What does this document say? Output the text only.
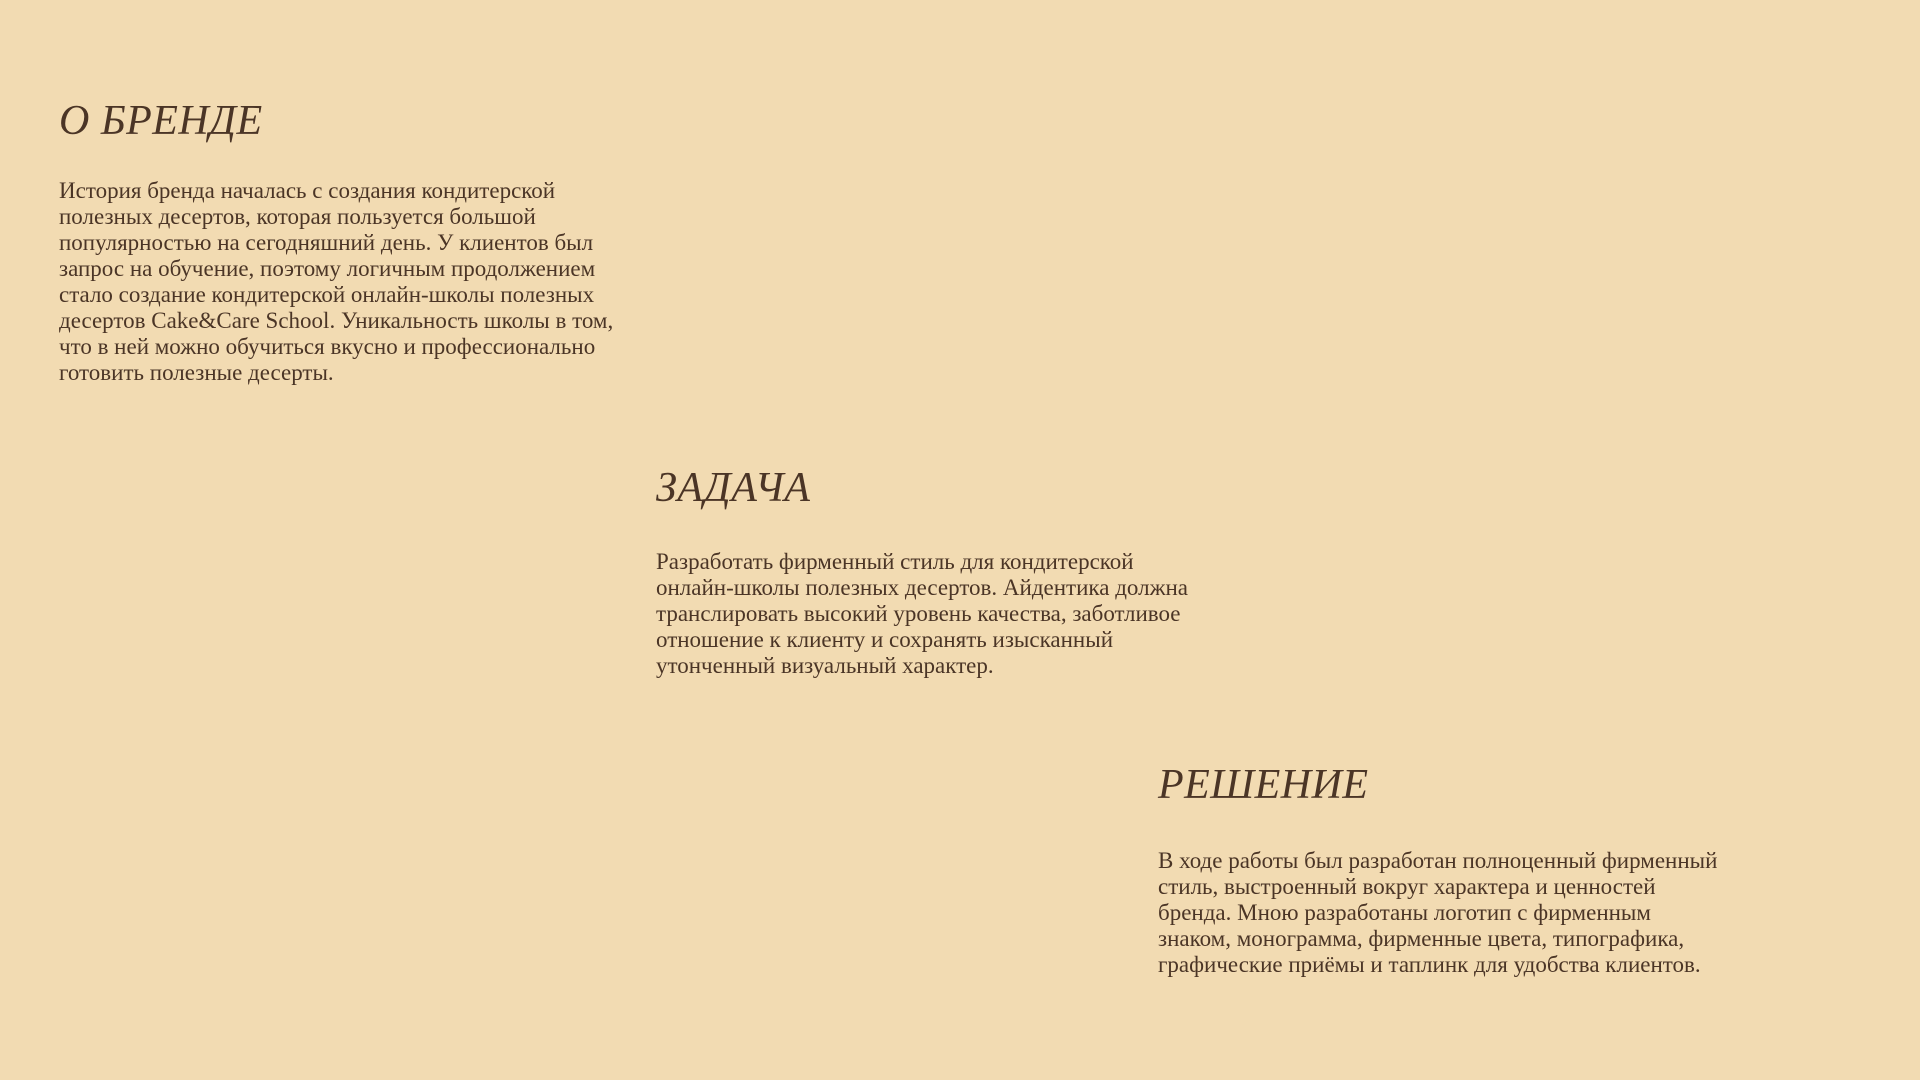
О БРЕНДЕ
История бренда началась с создания кондитерской
полезных десертов, которая пользуется большой
популярностью на сегодняшний день. У клиентов был
запрос на обучение, поэтому логичным продолжением
стало создание кондитерской онлайн-школы полезных
десертов Cake&Care School. Уникальность школы в том,
что в ней можно обучиться вкусно и профессионально
готовить полезные десерты.
ЗАДАЧА
Разработать фирменный стиль для кондитерской
онлайн-школы полезных десертов. Айдентика должна
транслировать высокий уровень качества, заботливое
отношение к клиенту и сохранять изысканный
утонченный визуальный характер.
РЕШЕНИЕ
В ходе работы был разработан полноценный фирменный
стиль, выстроенный вокруг характера и ценностей
бренда. Мною разработаны логотип с фирменным
знаком, монограмма, фирменные цвета, типографика,
графические приёмы и таплинк для удобства клиентов.
